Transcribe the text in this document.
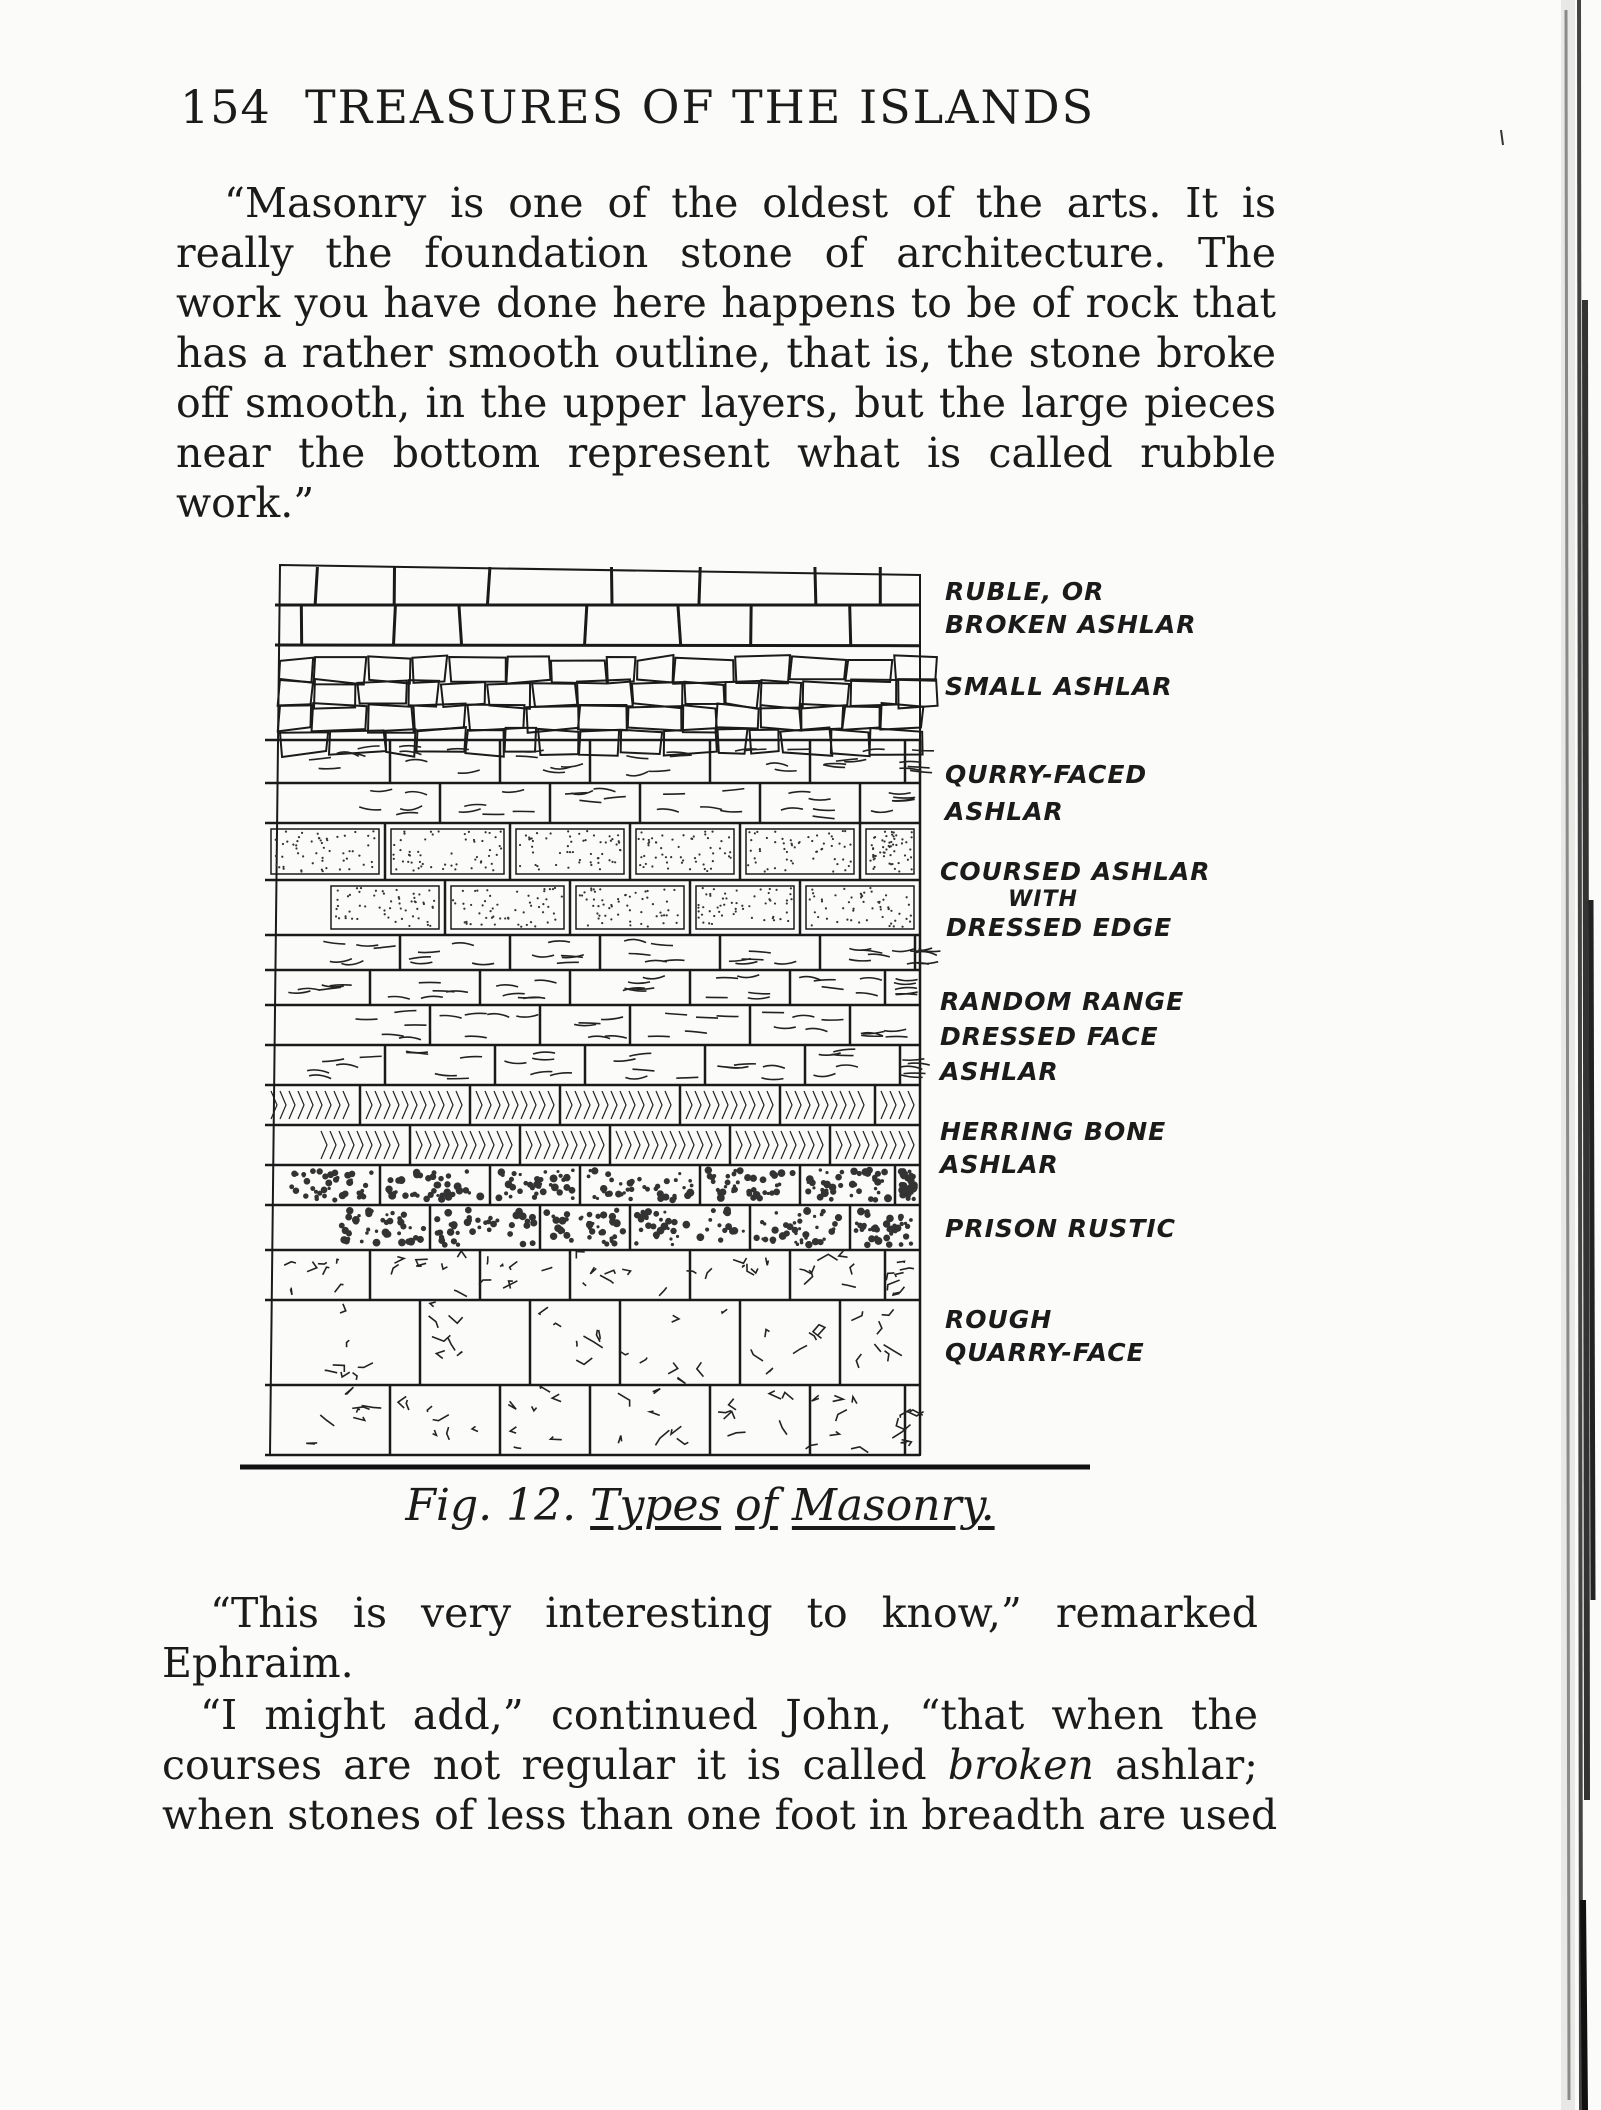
154 TREASURES OF THE ISLANDS
“Masonry is one of the oldest of the arts. It is
really the foundation stone of architecture. The
work you have done here happens to be of rock that
has a rather smooth outline, that is, the stone broke
off smooth, in the upper layers, but the large pieces
near the bottom represent what is called rubble
work.”
RUBLE, OR
BROKEN ASHLAR
SMALL ASHLAR
QURRY-FACED
ASHLAR
COURSED ASHLAR
WITH
DRESSED EDGE
RANDOM RANGE
DRESSED FACE
ASHLAR
HERRING BONE
ASHLAR
PRISON RUSTIC
ROUGH
QUARRY-FACE
Fig. 12. Types of Masonry.
“This is very interesting to know,” remarked
Ephraim.
“I might add,” continued John, “that when the
courses are not regular it is called broken ashlar;
when stones of less than one foot in breadth are used
